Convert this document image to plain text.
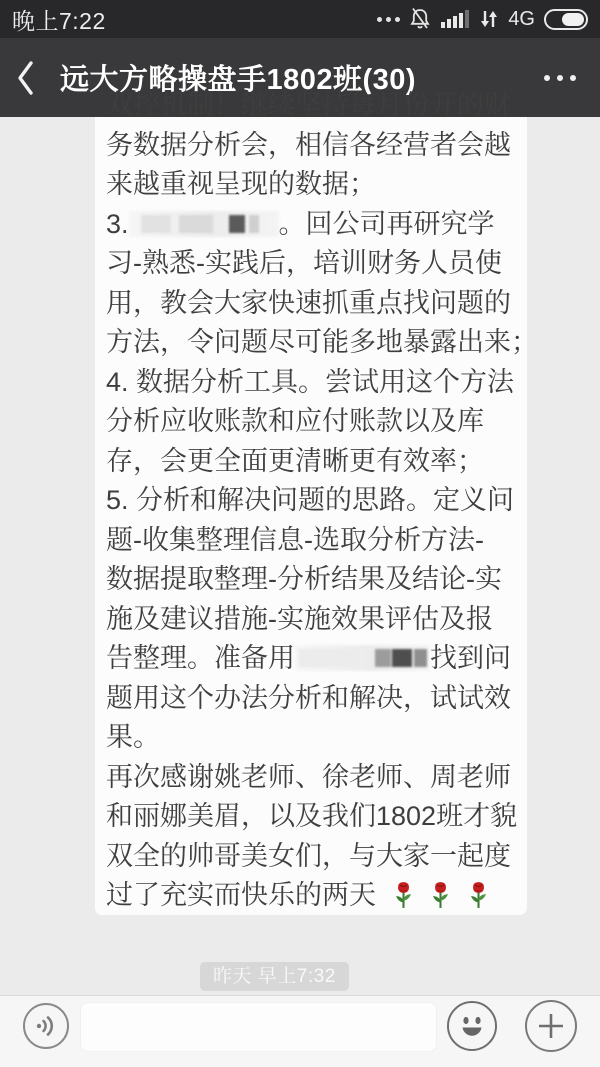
晚上7:22	4G
远大方略操盘手1802班(30)
双控机制！继续坚持每月份开的财
务数据分析会，相信各经营者会越
来越重视呈现的数据；
3.	。回公司再研究学
习-熟悉-实践后，培训财务人员使
用，教会大家快速抓重点找问题的
方法，令问题尽可能多地暴露出来；
4. 数据分析工具。尝试用这个方法
分析应收账款和应付账款以及库
存，会更全面更清晰更有效率；
5. 分析和解决问题的思路。定义问
题-收集整理信息-选取分析方法-
数据提取整理-分析结果及结论-实
施及建议措施-实施效果评估及报
告整理。准备用	找到问
题用这个办法分析和解决，试试效
果。
再次感谢姚老师、徐老师、周老师
和丽娜美眉，以及我们1802班才貌
双全的帅哥美女们，与大家一起度
过了充实而快乐的两天
昨天 早上7:32
